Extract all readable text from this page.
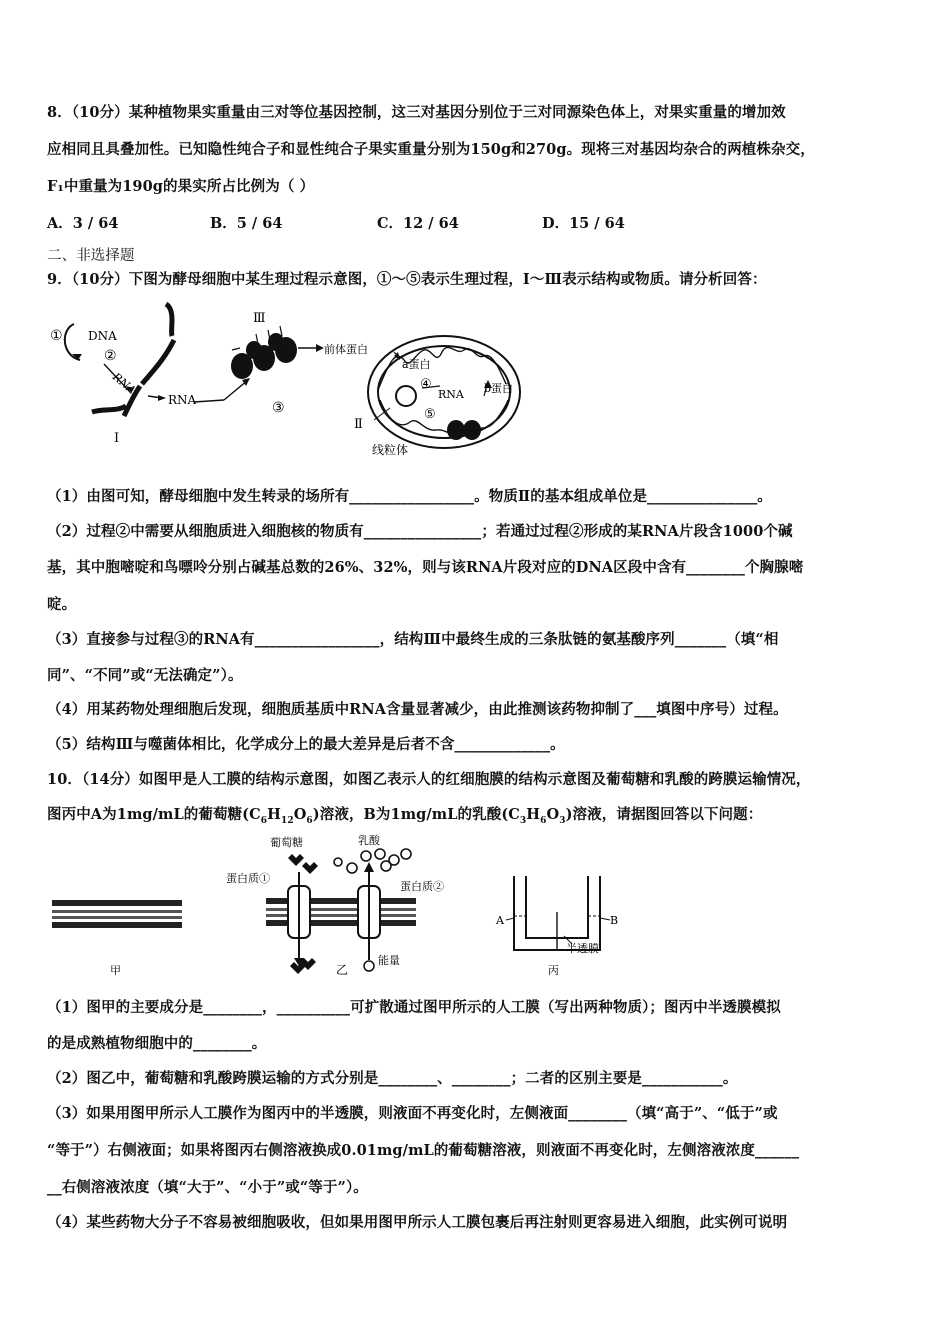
8．（10分）某种植物果实重量由三对等位基因控制，这三对基因分别位于三对同源染色体上，对果实重量的增加效
应相同且具叠加性。已知隐性纯合子和显性纯合子果实重量分别为150g和270g。现将三对基因均杂合的两植株杂交，
F₁中重量为190g的果实所占比例为（ ）
A．3 / 64	B．5 / 64	C．12 / 64	D．15 / 64
二、非选择题
9．（10分）下图为酵母细胞中某生理过程示意图，①～⑤表示生理过程，Ⅰ～Ⅲ表示结构或物质。请分析回答：
① DNA
②
RNA
RNA
Ⅰ
Ⅲ
③
前体蛋白
a蛋白
④
RNA b蛋白
⑤
Ⅱ
线粒体
（1）由图可知，酵母细胞中发生转录的场所有_________________。物质Ⅱ的基本组成单位是_______________。
（2）过程②中需要从细胞质进入细胞核的物质有________________；若通过过程②形成的某RNA片段含1000个碱
基，其中胞嘧啶和鸟嘌呤分别占碱基总数的26%、32%，则与该RNA片段对应的DNA区段中含有________个胸腺嘧
啶。
（3）直接参与过程③的RNA有_________________，结构Ⅲ中最终生成的三条肽链的氨基酸序列_______（填“相
同”、“不同”或“无法确定”）。
（4）用某药物处理细胞后发现，细胞质基质中RNA含量显著减少，由此推测该药物抑制了___填图中序号）过程。
（5）结构Ⅲ与噬菌体相比，化学成分上的最大差异是后者不含_____________。
10．（14分）如图甲是人工膜的结构示意图，如图乙表示人的红细胞膜的结构示意图及葡萄糖和乳酸的跨膜运输情况，
图丙中A为1mg/mL的葡萄糖$(C_6H_{12}O_6)$溶液，B为1mg/mL的乳酸$(C_3H_6O_3)$溶液，请据图回答以下问题：
甲	乙	丙
葡萄糖	乳酸
蛋白质①
蛋白质②
能量
A	B
半透膜
（1）图甲的主要成分是________，__________可扩散通过图甲所示的人工膜（写出两种物质）；图丙中半透膜模拟
的是成熟植物细胞中的________。
（2）图乙中，葡萄糖和乳酸跨膜运输的方式分别是________、________；二者的区别主要是___________。
（3）如果用图甲所示人工膜作为图丙中的半透膜，则液面不再变化时，左侧液面________（填“高于”、“低于”或
“等于”）右侧液面；如果将图丙右侧溶液换成0.01mg/mL的葡萄糖溶液，则液面不再变化时，左侧溶液浓度______
__右侧溶液浓度（填“大于”、“小于”或“等于”）。
（4）某些药物大分子不容易被细胞吸收，但如果用图甲所示人工膜包裹后再注射则更容易进入细胞，此实例可说明
